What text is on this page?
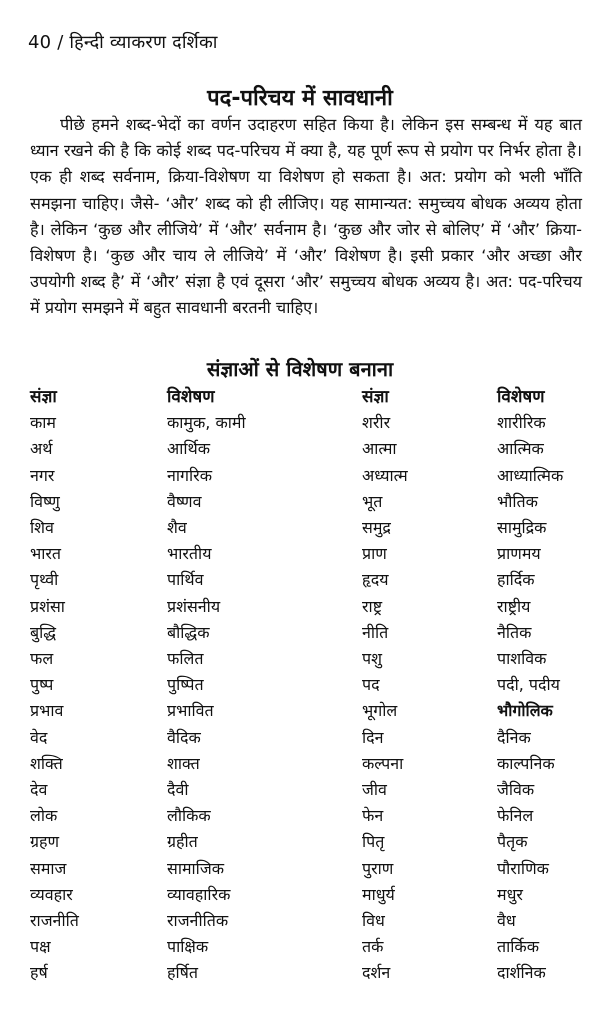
40 / हिन्दी व्याकरण दर्शिका
पद-परिचय में सावधानी

पीछे हमने शब्द-भेदों का वर्णन उदाहरण सहित किया है। लेकिन इस सम्बन्ध में यह बात ध्यान रखने की है कि कोई शब्द पद-परिचय में क्या है, यह पूर्ण रूप से प्रयोग पर निर्भर होता है। एक ही शब्द सर्वनाम, क्रिया-विशेषण या विशेषण हो सकता है। अत: प्रयोग को भली भाँति समझना चाहिए। जैसे- ‘और’ शब्द को ही लीजिए। यह सामान्यत: समुच्चय बोधक अव्यय होता है। लेकिन ‘कुछ और लीजिये’ में ‘और’ सर्वनाम है। ‘कुछ और जोर से बोलिए’ में ‘और’ क्रिया-विशेषण है। ‘कुछ और चाय ले लीजिये’ में ‘और’ विशेषण है। इसी प्रकार ‘और अच्छा और उपयोगी शब्द है’ में ‘और’ संज्ञा है एवं दूसरा ‘और’ समुच्चय बोधक अव्यय है। अत: पद-परिचय में प्रयोग समझने में बहुत सावधानी बरतनी चाहिए।

संज्ञाओं से विशेषण बनाना
संज्ञा	विशेषण	संज्ञा	विशेषण
काम	कामुक, कामी	शरीर	शारीरिक
अर्थ	आर्थिक	आत्मा	आत्मिक
नगर	नागरिक	अध्यात्म	आध्यात्मिक
विष्णु	वैष्णव	भूत	भौतिक
शिव	शैव	समुद्र	सामुद्रिक
भारत	भारतीय	प्राण	प्राणमय
पृथ्वी	पार्थिव	हृदय	हार्दिक
प्रशंसा	प्रशंसनीय	राष्ट्र	राष्ट्रीय
बुद्धि	बौद्धिक	नीति	नैतिक
फल	फलित	पशु	पाशविक
पुष्प	पुष्पित	पद	पदी, पदीय
प्रभाव	प्रभावित	भूगोल	भौगोलिक
वेद	वैदिक	दिन	दैनिक
शक्ति	शाक्त	कल्पना	काल्पनिक
देव	दैवी	जीव	जैविक
लोक	लौकिक	फेन	फेनिल
ग्रहण	ग्रहीत	पितृ	पैतृक
समाज	सामाजिक	पुराण	पौराणिक
व्यवहार	व्यावहारिक	माधुर्य	मधुर
राजनीति	राजनीतिक	विध	वैध
पक्ष	पाक्षिक	तर्क	तार्किक
हर्ष	हर्षित	दर्शन	दार्शनिक
